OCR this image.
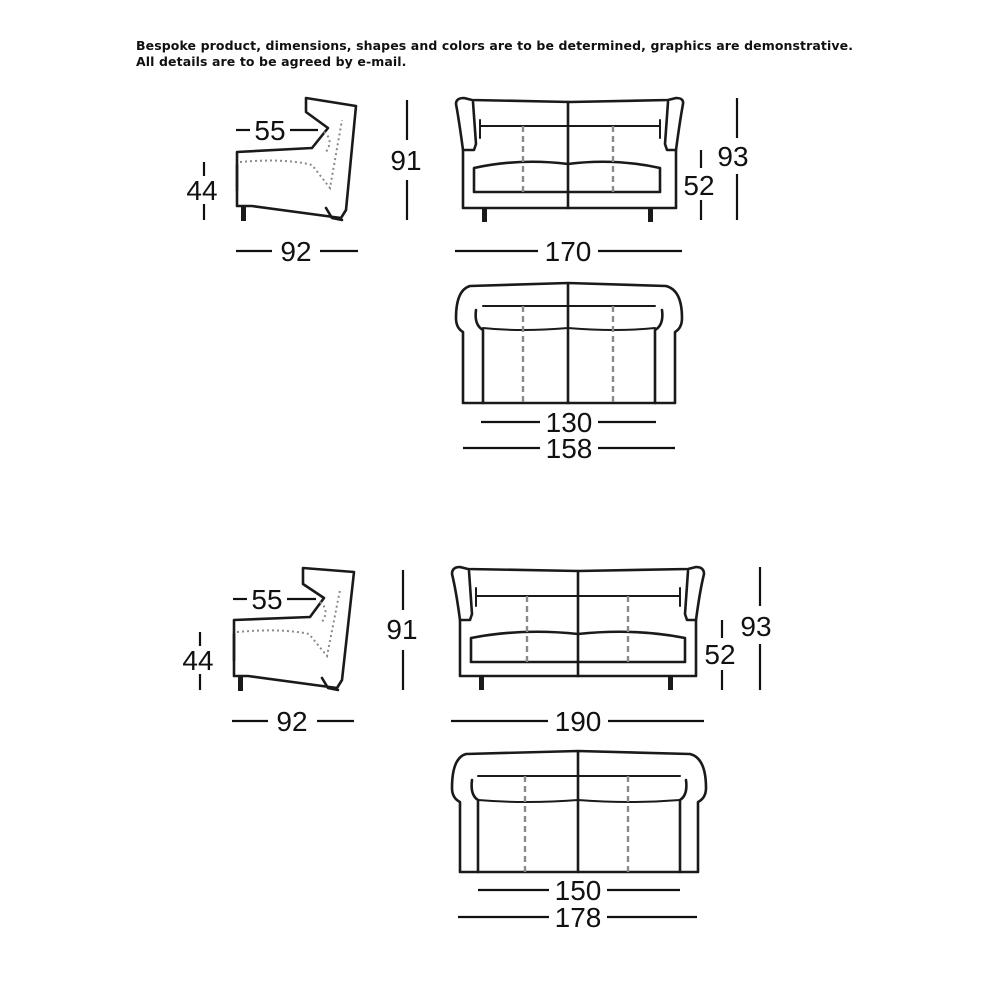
Bespoke product, dimensions, shapes and colors are to be determined, graphics are demonstrative.
All details are to be agreed by e-mail.
55
44
92
91
170
52
93
130
158
55
44
92
91
190
52
93
150
178
